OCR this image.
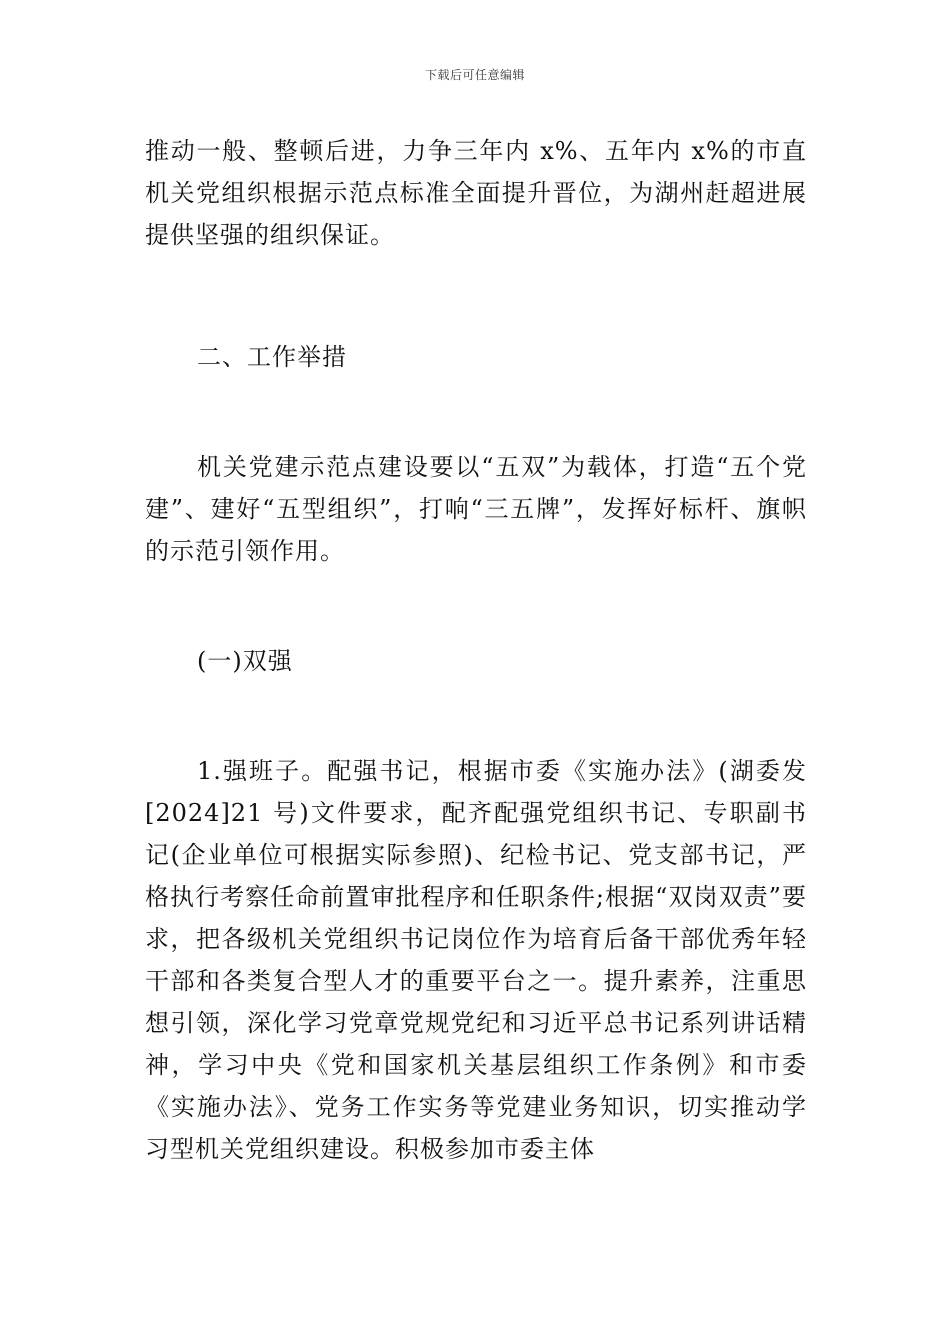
下载后可任意编辑

推动一般、整顿后进，力争三年内 x%、五年内 x%的市直机关党组织根据示范点标准全面提升晋位，为湖州赶超进展提供坚强的组织保证。

二、工作举措

机关党建示范点建设要以“五双”为载体，打造“五个党建”、建好“五型组织”，打响“三五牌”，发挥好标杆、旗帜的示范引领作用。

(一)双强

1.强班子。配强书记，根据市委《实施办法》(湖委发[2024]21 号)文件要求，配齐配强党组织书记、专职副书记(企业单位可根据实际参照)、纪检书记、党支部书记，严格执行考察任命前置审批程序和任职条件;根据“双岗双责”要求，把各级机关党组织书记岗位作为培育后备干部优秀年轻干部和各类复合型人才的重要平台之一。提升素养，注重思想引领，深化学习党章党规党纪和习近平总书记系列讲话精神，学习中央《党和国家机关基层组织工作条例》和市委《实施办法》、党务工作实务等党建业务知识，切实推动学习型机关党组织建设。积极参加市委主体
